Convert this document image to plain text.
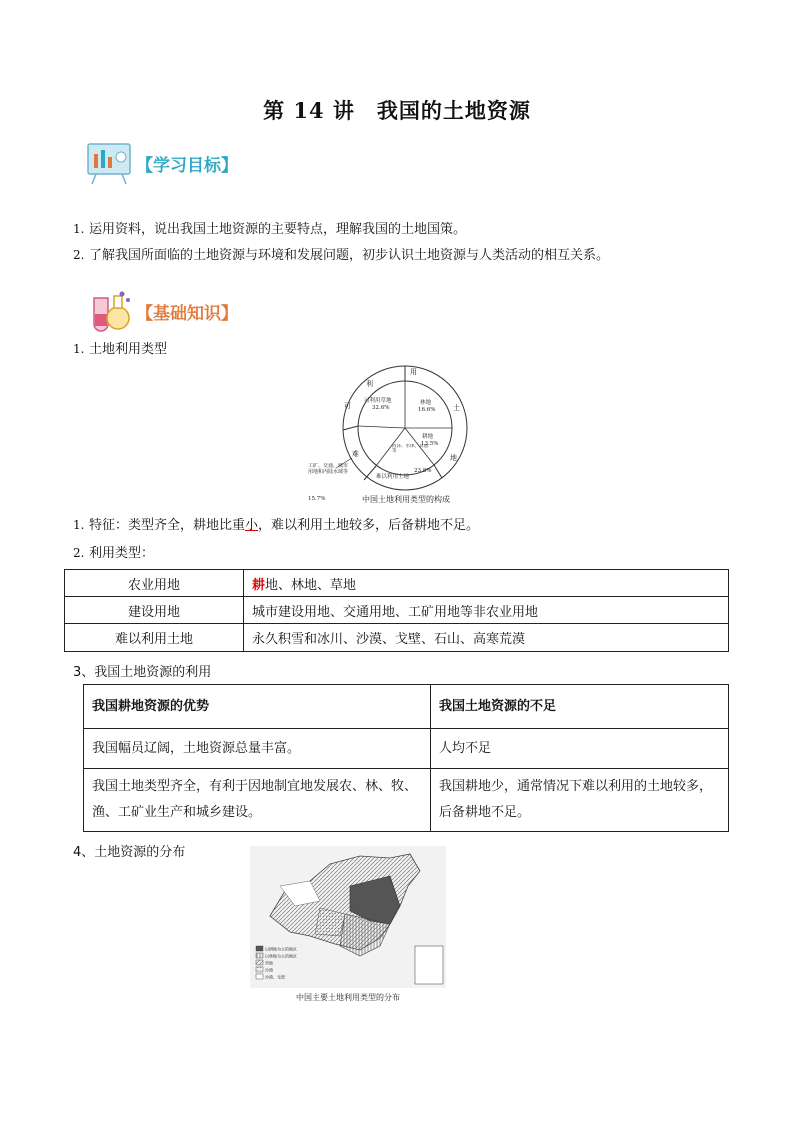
第 14 讲　我国的土地资源
【学习目标】
1. 运用资料，说出我国土地资源的主要特点，理解我国的土地国策。
2. 了解我国所面临的土地资源与环境和发展问题，初步认识土地资源与人类活动的相互关系。
【基础知识】
1. 土地利用类型
利
用
土
地
可
难
可利用草地
32.6%
林地
16.6%
耕地
13.5%
23.8%
难以利用土地
15.7%
沼泽、水体、其他等
工矿、交通、城市用地和内陆水域等
中国土地利用类型的构成
1. 特征：类型齐全，耕地比重小，难以利用土地较多，后备耕地不足。
2. 利用类型：
农业用地	耕地、林地、草地
建设用地	城市建设用地、交通用地、工矿用地等非农业用地
难以利用土地	永久积雪和冰川、沙漠、戈壁、石山、高寒荒漠
3、我国土地资源的利用
我国耕地资源的优势	我国土地资源的不足
我国幅员辽阔，土地资源总量丰富。	人均不足
我国土地类型齐全，有利于因地制宜地发展农、林、牧、渔、工矿业生产和城乡建设。	我国耕地少，通常情况下难以利用的土地较多，后备耕地不足。
4、土地资源的分布
以耕地为主的地区
以林地为主的地区
草地
沙漠
沙漠、戈壁
中国主要土地利用类型的分布
